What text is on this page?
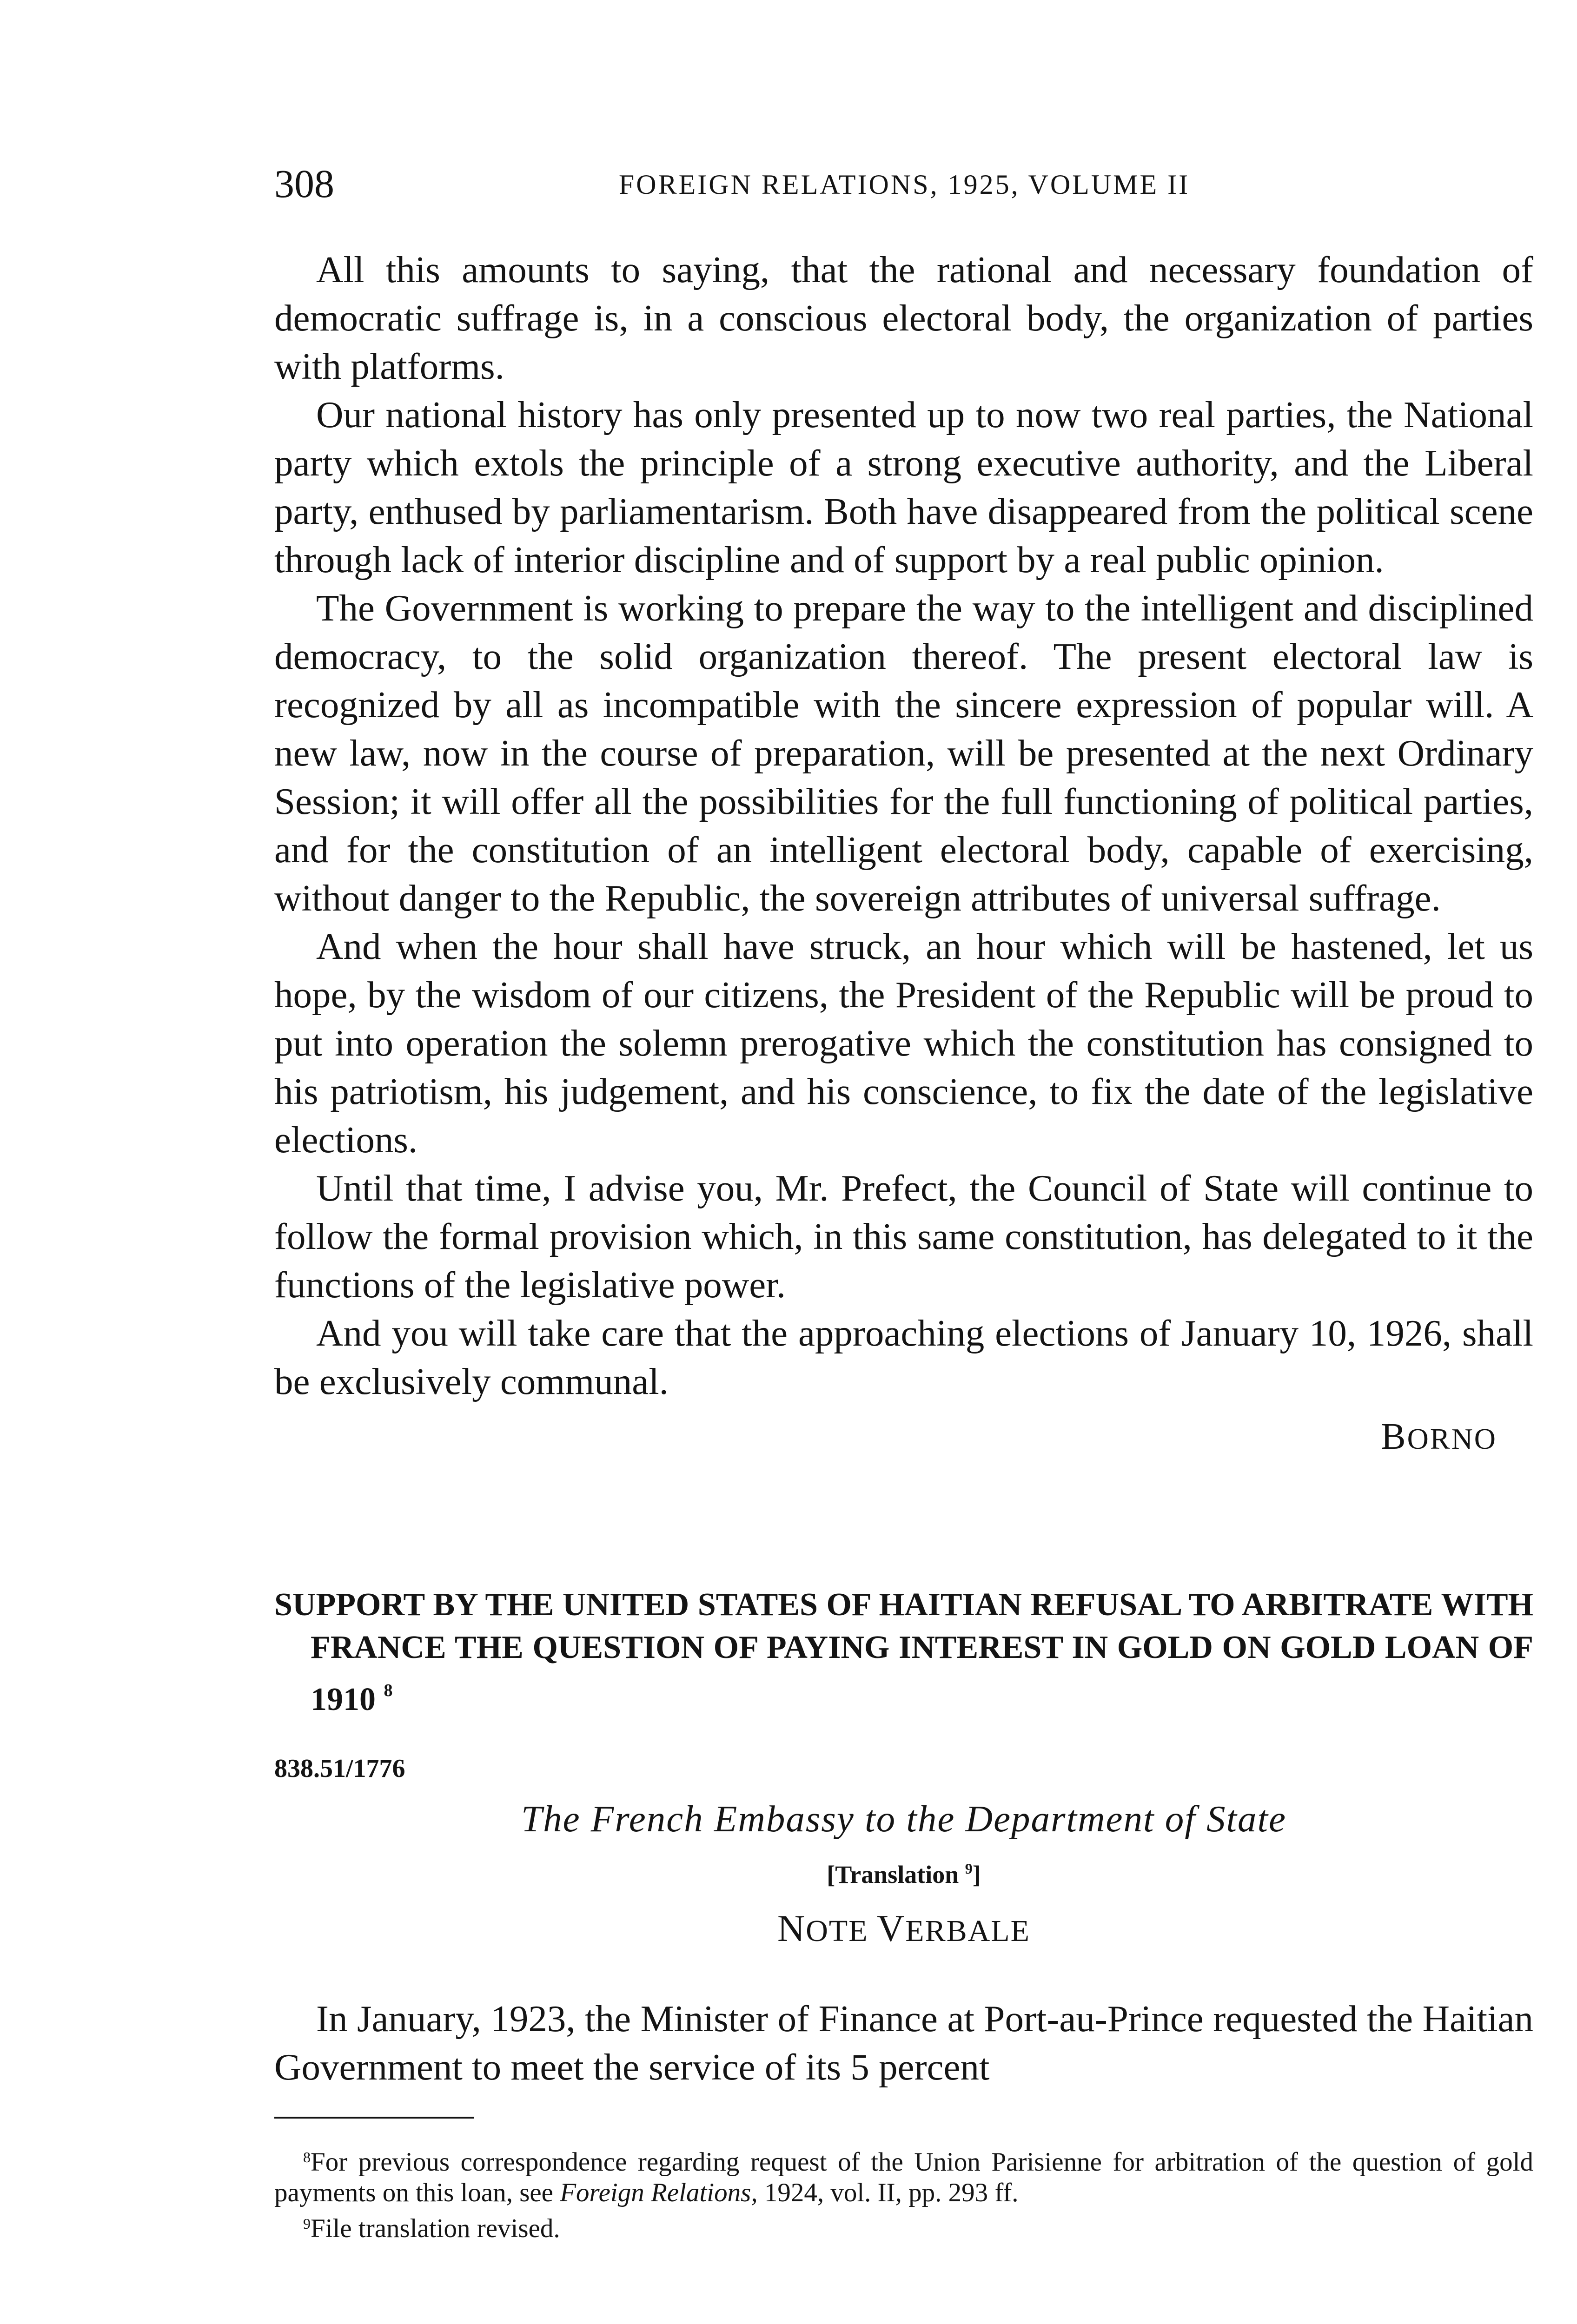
308	FOREIGN RELATIONS, 1925, VOLUME II

All this amounts to saying, that the rational and necessary foundation of democratic suffrage is, in a conscious electoral body, the organization of parties with platforms.

Our national history has only presented up to now two real parties, the National party which extols the principle of a strong executive authority, and the Liberal party, enthused by parliamentarism. Both have disappeared from the political scene through lack of interior discipline and of support by a real public opinion.

The Government is working to prepare the way to the intelligent and disciplined democracy, to the solid organization thereof. The present electoral law is recognized by all as incompatible with the sincere expression of popular will. A new law, now in the course of preparation, will be presented at the next Ordinary Session; it will offer all the possibilities for the full functioning of political parties, and for the constitution of an intelligent electoral body, capable of exercising, without danger to the Republic, the sovereign attributes of universal suffrage.

And when the hour shall have struck, an hour which will be hastened, let us hope, by the wisdom of our citizens, the President of the Republic will be proud to put into operation the solemn prerogative which the constitution has consigned to his patriotism, his judgement, and his conscience, to fix the date of the legislative elections.

Until that time, I advise you, Mr. Prefect, the Council of State will continue to follow the formal provision which, in this same constitution, has delegated to it the functions of the legislative power.

And you will take care that the approaching elections of January 10, 1926, shall be exclusively communal.

BORNO
SUPPORT BY THE UNITED STATES OF HAITIAN REFUSAL TO ARBITRATE WITH FRANCE THE QUESTION OF PAYING INTEREST IN GOLD ON GOLD LOAN OF 1910 $^8$
838.51/1776
The French Embassy to the Department of State
[Translation $^9$]
NOTE VERBALE

In January, 1923, the Minister of Finance at Port-au-Prince requested the Haitian Government to meet the service of its 5 percent

$^8$For previous correspondence regarding request of the Union Parisienne for arbitration of the question of gold payments on this loan, see Foreign Relations, 1924, vol. II, pp. 293 ff.

$^9$File translation revised.
